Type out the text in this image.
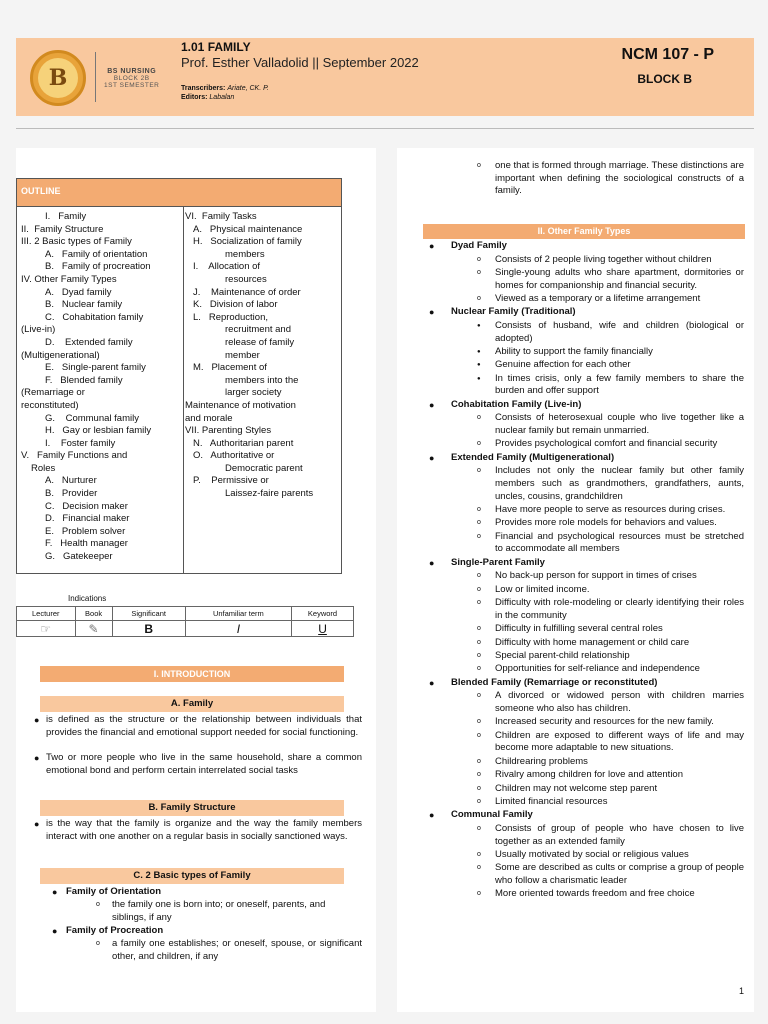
B	BS NURSING
BLOCK 2B
1ST SEMESTER
1.01 FAMILY
Prof. Esther Valladolid || September 2022
Transcribers: Ariate, CK. P.
Editors: Labalan
NCM 107 - P
BLOCK B
OUTLINE
I.   Family
II.  Family Structure
III. 2 Basic types of Family
A.   Family of orientation
B.   Family of procreation
IV. Other Family Types
A.   Dyad family
B.   Nuclear family
C.   Cohabitation family
(Live-in)
D.    Extended family
(Multigenerational)
E.   Single-parent family
F.   Blended family
(Remarriage or
reconstituted)
G.    Communal family
H.   Gay or lesbian family
I.    Foster family
V.   Family Functions and
Roles
A.   Nurturer
B.   Provider
C.   Decision maker
D.   Financial maker
E.   Problem solver
F.   Health manager
G.   Gatekeeper
VI.  Family Tasks
A.   Physical maintenance
H.   Socialization of family
members
I.    Allocation of
resources
J.    Maintenance of order
K.   Division of labor
L.   Reproduction,
recruitment and
release of family
member
M.   Placement of
members into the
larger society
Maintenance of motivation
and morale
VII. Parenting Styles
N.   Authoritarian parent
O.   Authoritative or
Democratic parent
P.    Permissive or
Laissez-faire parents
Indications
Lecturer	Book	Significant	Unfamiliar term	Keyword
☞	✎	B	I	U
I. INTRODUCTION
A. Family
● is defined as the structure or the relationship between individuals that provides the financial and emotional support needed for social functioning.
● Two or more people who live in the same household, share a common emotional bond and perform certain interrelated social tasks
B. Family Structure
● is the way that the family is organize and the way the family members interact with one another on a regular basis in socially sanctioned ways.
C. 2 Basic types of Family
● Family of Orientation
o the family one is born into; or oneself, parents, and siblings, if any
● Family of Procreation
o a family one establishes; or oneself, spouse, or significant other, and children, if any
o one that is formed through marriage. These distinctions are important when defining the sociological constructs of a family.
II. Other Family Types
● Dyad Family
o Consists of 2 people living together without children
o Single-young adults who share apartment, dormitories or homes for companionship and financial security.
o Viewed as a temporary or a lifetime arrangement
● Nuclear Family (Traditional)
● Consists of husband, wife and children (biological or adopted)
● Ability to support the family financially
● Genuine affection for each other
● In times crisis, only a few family members to share the burden and offer support
● Cohabitation Family (Live-in)
o Consists of heterosexual couple who live together like a nuclear family but remain unmarried.
o Provides psychological comfort and financial security
● Extended Family (Multigenerational)
o Includes not only the nuclear family but other family members such as grandmothers, grandfathers, aunts, uncles, cousins, grandchildren
o Have more people to serve as resources during crises.
o Provides more role models for behaviors and values.
o Financial and psychological resources must be stretched to accommodate all members
● Single-Parent Family
o No back-up person for support in times of crises
o Low or limited income.
o Difficulty with role-modeling or clearly identifying their roles in the community
o Difficulty in fulfilling several central roles
o Difficulty with home management or child care
o Special parent-child relationship
o Opportunities for self-reliance and independence
● Blended Family (Remarriage or reconstituted)
o A divorced or widowed person with children marries someone who also has children.
o Increased security and resources for the new family.
o Children are exposed to different ways of life and may become more adaptable to new situations.
o Childrearing problems
o Rivalry among children for love and attention
o Children may not welcome step parent
o Limited financial resources
● Communal Family
o Consists of group of people who have chosen to live together as an extended family
o Usually motivated by social or religious values
o Some are described as cults or comprise a group of people who follow a charismatic leader
o More oriented towards freedom and free choice
1
